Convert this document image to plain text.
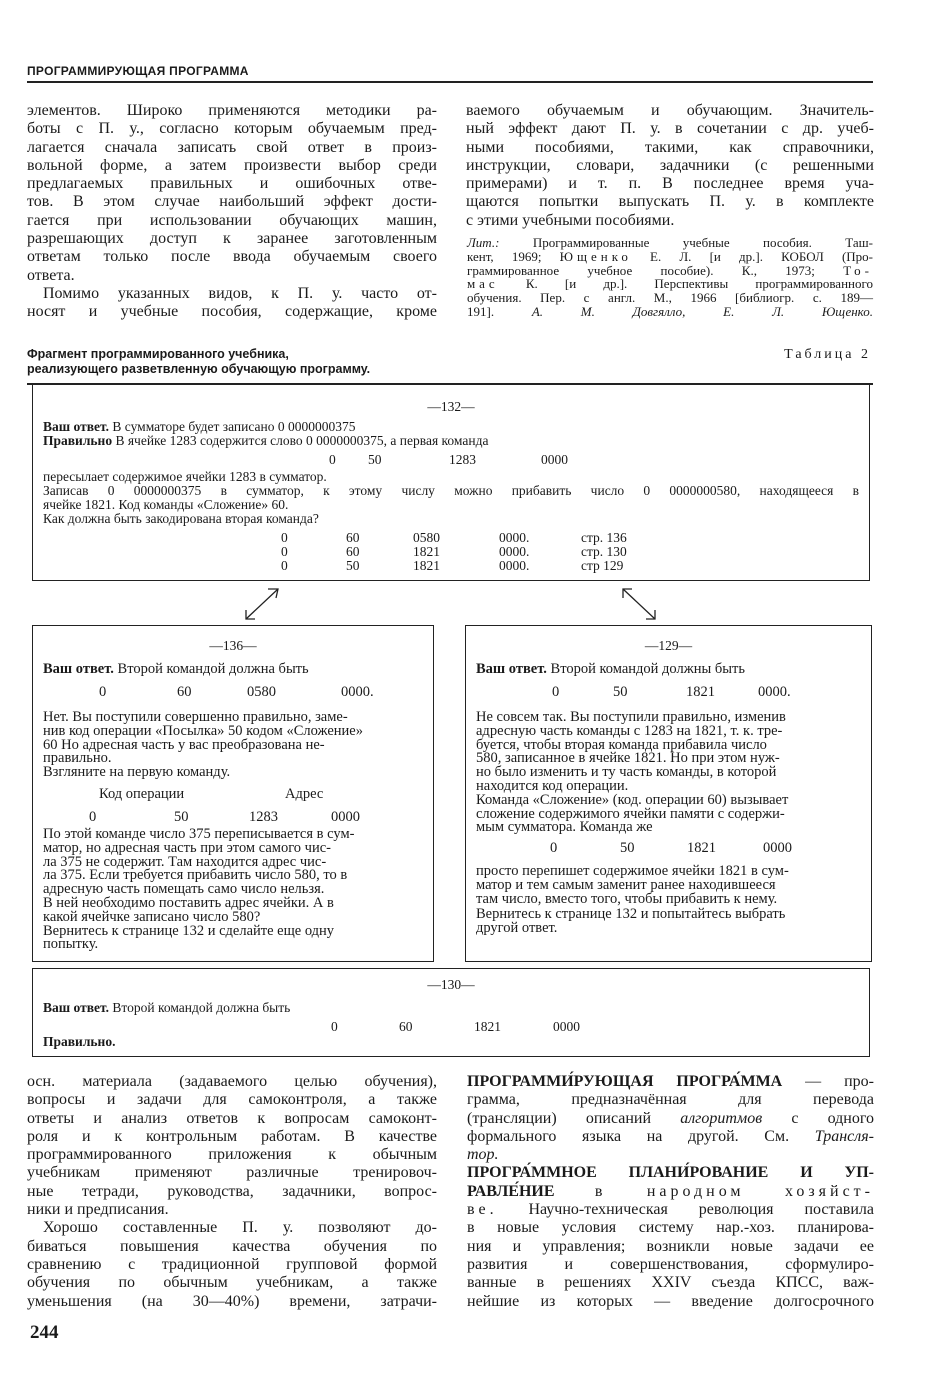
ПРОГРАММИРУЮЩАЯ ПРОГРАММА
элементов. Широко применяются методики ра-
боты с П. у., согласно которым обучаемым пред-
лагается сначала записать свой ответ в произ-
вольной форме, а затем произвести выбор среди
предлагаемых правильных и ошибочных отве-
тов. В этом случае наибольший эффект дости-
гается при использовании обучающих машин,
разрешающих доступ к заранее заготовленным
ответам только после ввода обучаемым своего
ответа.
Помимо указанных видов, к П. у. часто от-
носят и учебные пособия, содержащие, кроме
ваемого обучаемым и обучающим. Значитель-
ный эффект дают П. у. в сочетании с др. учеб-
ными пособиями, такими, как справочники,
инструкции, словари, задачники (с решенными
примерами) и т. п. В последнее время уча-
щаются попытки выпускать П. у. в комплекте
с этими учебными пособиями.
Лит.: Программированные учебные пособия. Таш-
кент, 1969; Ющенко Е. Л. [и др.]. КОБОЛ (Про-
граммированное учебное пособие). К., 1973; То-
мас К. [и др.]. Перспективы программированного
обучения. Пер. с англ. М., 1966 [библиогр. с. 189—
191]. А. М. Довгялло, Е. Л. Ющенко.
Фрагмент программированного учебника,
реализующего разветвленную обучающую программу.
Таблица 2
—132—
Ваш ответ. В сумматоре будет записано 0 0000000375
Правильно В ячейке 1283 содержится слово 0 0000000375, а первая команда
0 50	1283	0000
пересылает содержимое ячейки 1283 в сумматор.
Записав 0 0000000375 в сумматор, к этому числу можно прибавить число 0 0000000580, находящееся в
ячейке 1821. Код команды «Сложение» 60.
Как должна быть закодирована вторая команда?
0	60	0580	0000.	стр. 136
0	60	1821	0000.	стр. 130
0	50	1821	0000.	стр 129
—136—
Ваш ответ. Второй командой должна быть
0	60	0580	0000.
Нет. Вы поступили совершенно правильно, заме-
нив код операции «Посылка» 50 кодом «Сложение»
60 Но адресная часть у вас преобразована не-
правильно.
Взгляните на первую команду.
Код операции	Адрес
0	50	1283	0000
По этой команде число 375 переписывается в сум-
матор, но адресная часть при этом самого чис-
ла 375 не содержит. Там находится адрес чис-
ла 375. Если требуется прибавить число 580, то в
адресную часть помещать само число нельзя.
В ней необходимо поставить адрес ячейки. А в
какой ячейчке записано число 580?
Вернитесь к странице 132 и сделайте еще одну
попытку.
—129—
Ваш ответ. Второй командой должны быть
0	50	1821	0000.
Не совсем так. Вы поступили правильно, изменив
адресную часть команды с 1283 на 1821, т. к. тре-
буется, чтобы вторая команда прибавила число
580, записанное в ячейке 1821. Но при этом нуж-
но было изменить и ту часть команды, в которой
находится код операции.
Команда «Сложение» (код. операции 60) вызывает
сложение содержимого ячейки памяти с содержи-
мым сумматора. Команда же
0	50	1821	0000
просто перепишет содержимое ячейки 1821 в сум-
матор и тем самым заменит ранее находившееся
там число, вместо того, чтобы прибавить к нему.
Вернитесь к странице 132 и попытайтесь выбрать
другой ответ.
—130—
Ваш ответ. Второй командой должна быть
0	60	1821	0000
Правильно.
осн. материала (задаваемого целью обучения),
вопросы и задачи для самоконтроля, а также
ответы и анализ ответов к вопросам самоконт-
роля и к контрольным работам. В качестве
программированного приложения к обычным
учебникам применяют различные тренировоч-
ные тетради, руководства, задачники, вопрос-
ники и предписания.
Хорошо составленные П. у. позволяют до-
биваться повышения качества обучения по
сравнению с традиционной групповой формой
обучения по обычным учебникам, а также
уменьшения (на 30—40%) времени, затрачи-
ПРОГРАММИ́РУЮЩАЯ ПРОГРА́ММА — про-
грамма, предназначённая для перевода
(трансляции) описаний алгоритмов с одного
формального языка на другой. См. Трансля-
тор.
ПРОГРА́ММНОЕ ПЛАНИ́РОВАНИЕ И УП-
РАВЛЕ́НИЕ в народном хозяйст-
ве. Научно-техническая революция поставила
в новые условия систему нар.-хоз. планирова-
ния и управления; возникли новые задачи ее
развития и совершенствования, сформулиро-
ванные в решениях XXIV съезда КПСС, важ-
нейшие из которых — введение долгосрочного
244
